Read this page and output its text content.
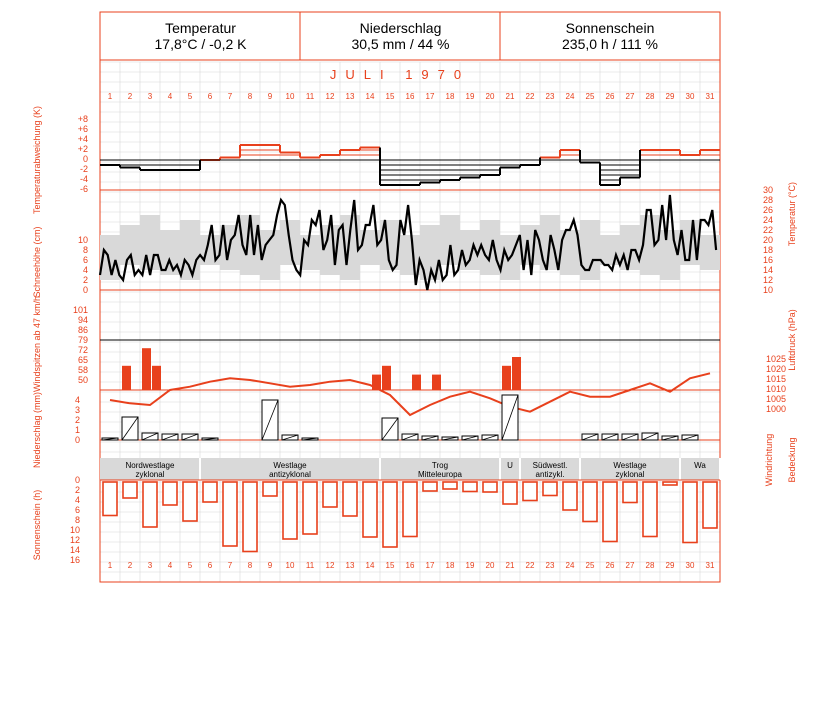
Temperatur
17,8°C / -0,2 K
Niederschlag
30,5 mm / 44 %
Sonnenschein
235,0 h / 111 %
JULI 1970
1
1
2
2
3
3
4
4
5
5
6
6
7
7
8
8
9
9
10
10
11
11
12
12
13
13
14
14
15
15
16
16
17
17
18
18
19
19
20
20
21
21
22
22
23
23
24
24
25
25
26
26
27
27
28
28
29
29
30
30
31
31
+8
+6
+4
+2
0
-2
-4
-6	30
28
26
24
22
20
18
16
14
12
10
10
8
6
4
2
0
101
94
86
79
72
65
58
50
1025
1020
1015
1010
1005
1000
4
3
2
1
0
Nordwestlage
zyklonal
Westlage
antizyklonal
Trog
Mitteleuropa
U Südwestl.
antizykl.
Westlage
zyklonal
Wa
0
2
4
6
8
10
12
14
16
Temperaturabweichung (K)
Schneehöhe (cm)
Windspitzen ab 47 km/h
Niederschlag (mm)
Sonnenschein (h)
Temperatur (°C)
Luftdruck (hPa)
Windrichtung Bedeckung
